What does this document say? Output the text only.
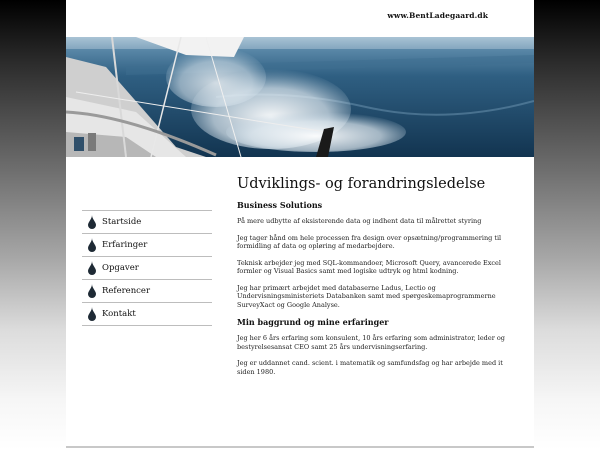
www.BentLadegaard.dk
Startside
Erfaringer
Opgaver
Referencer
Kontakt
Udviklings- og forandringsledelse
Business Solutions

På mere udbytte af eksisterende data og indhent data til målrettet styring

Jeg tager hånd om hele processen fra design over opsætning/programmering til formidling af data og opløring af medarbejdere.

Teknisk arbejder jeg med SQL-kommandoer, Microsoft Query, avancerede Excel formler og Visual Basics samt med logiske udtryk og html kodning.

Jeg har primært arbejdet med databaserne Ladus, Lectio og Undervisningsministeriets Databanken samt med spørgeskemaprogrammerne SurveyXact og Google Analyse.

Min baggrund og mine erfaringer

Jeg her 6 års erfaring som konsulent, 10 års erfaring som administrator, leder og bestyrelsesansat CEO samt 25 års undervisningserfaring.

Jeg er uddannet cand. scient. i matematik og samfundsfag og har arbejde med it siden 1980.
